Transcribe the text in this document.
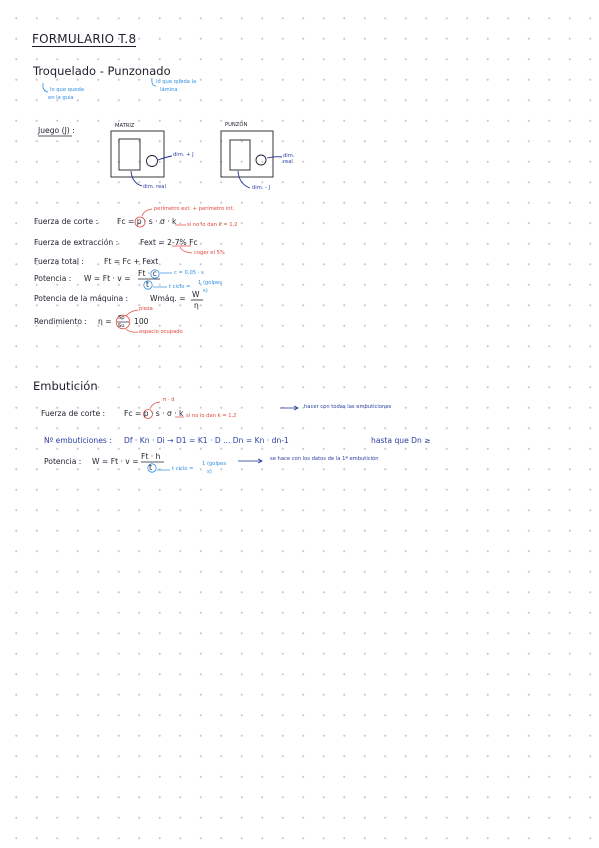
FORMULARIO T.8
Troquelado - Punzonado
lo que queda
en la guía
lo que queda la
lámina
Juego (J) :	MATRIZ	PUNZÓN
dim. + J
dim. real
dim.
real
dim. - J
perímetro ext. + perímetro int.
Fuerza de corte : Fc = p · s · σ · k si no lo dan k = 1,2
Fuerza de extracción :	Fext = 2-7% Fc
coger el 5%
Fuerza total :	Ft = Fc + Fext
Potencia : W = Ft · v =
Ft · c
t
c = 0,05 · s
t ciclo =
1 (golpes
s)
Potencia de la máquina :	Wmáq. = W
η
Rendimiento : η = Sp
Su 100
pieza
espacio ocupado
Embutición
π · d
Fuerza de corte : Fc = p · s · σ · k si no lo dan k = 1,2
hacer con todas las embuticiones
Nº embuticiones : Df · Kn · Di → D1 = K1 · D ... Dn = Kn · dn-1	hasta que Dn ≥
Potencia : W = Ft · v =
Ft · h
t	t ciclo =
1 (golpes
s)
se hace con los datos de la 1ª embutición
